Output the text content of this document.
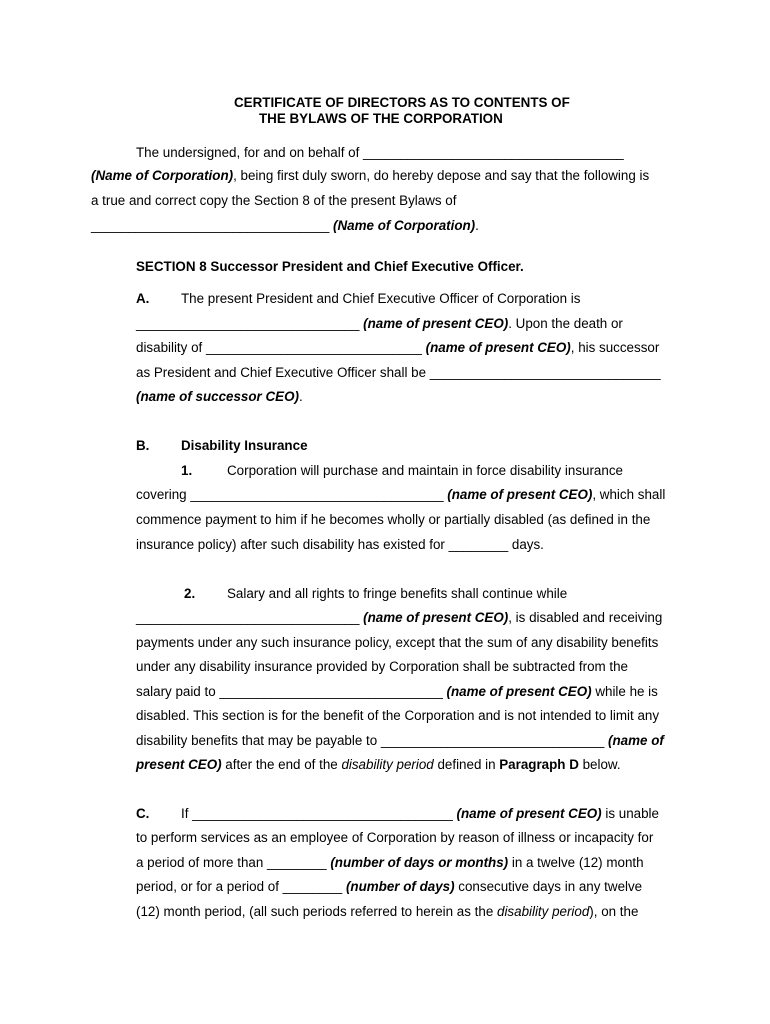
CERTIFICATE OF DIRECTORS AS TO CONTENTS OF
THE BYLAWS OF THE CORPORATION
The undersigned, for and on behalf of ___________________________________
(Name of Corporation), being first duly sworn, do hereby depose and say that the following is
a true and correct copy the Section 8 of the present Bylaws of
________________________________ (Name of Corporation).
SECTION 8 Successor President and Chief Executive Officer.
A. The present President and Chief Executive Officer of Corporation is
______________________________ (name of present CEO). Upon the death or
disability of _____________________________ (name of present CEO), his successor
as President and Chief Executive Officer shall be _______________________________
(name of successor CEO).
B. Disability Insurance
1.	Corporation will purchase and maintain in force disability insurance
covering __________________________________ (name of present CEO), which shall
commence payment to him if he becomes wholly or partially disabled (as defined in the
insurance policy) after such disability has existed for ________ days.
2. Salary and all rights to fringe benefits shall continue while
______________________________ (name of present CEO), is disabled and receiving
payments under any such insurance policy, except that the sum of any disability benefits
under any disability insurance provided by Corporation shall be subtracted from the
salary paid to ______________________________ (name of present CEO) while he is
disabled. This section is for the benefit of the Corporation and is not intended to limit any
disability benefits that may be payable to ______________________________ (name of
present CEO) after the end of the disability period defined in Paragraph D below.
C. If ___________________________________ (name of present CEO) is unable
to perform services as an employee of Corporation by reason of illness or incapacity for
a period of more than ________ (number of days or months) in a twelve (12) month
period, or for a period of ________ (number of days) consecutive days in any twelve
(12) month period, (all such periods referred to herein as the disability period), on the
